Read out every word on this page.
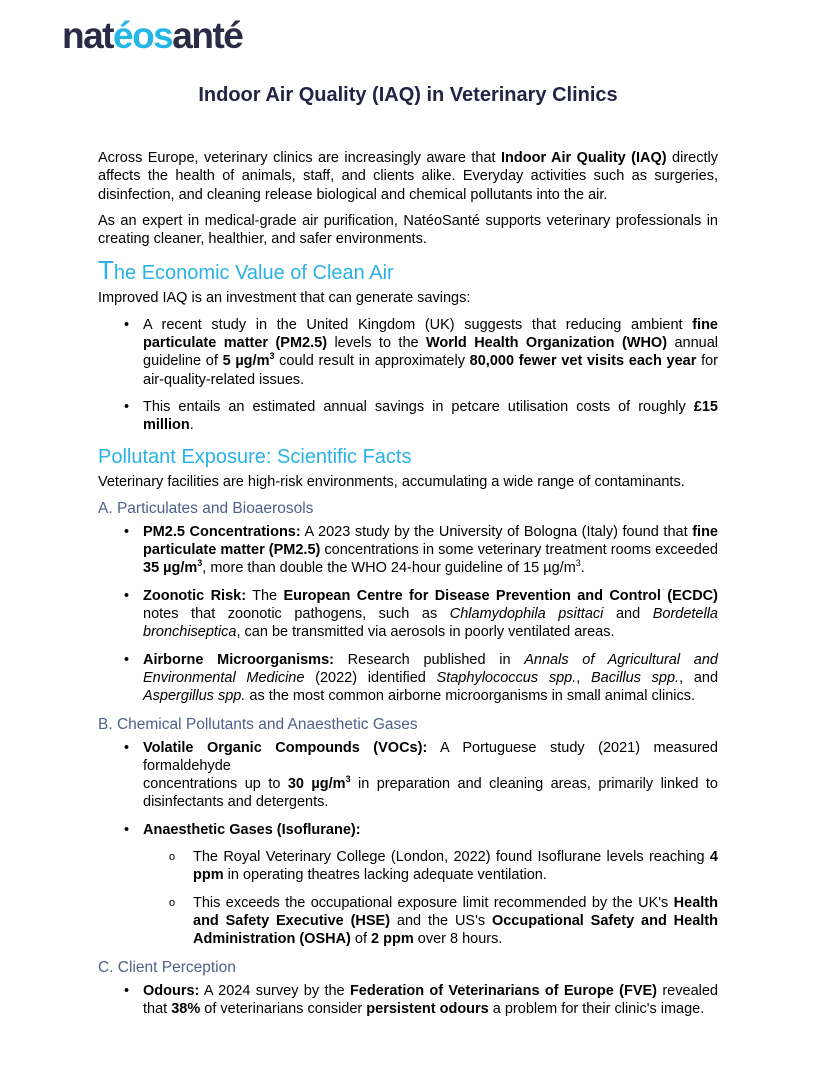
natéosanté
Indoor Air Quality (IAQ) in Veterinary Clinics
Across Europe, veterinary clinics are increasingly aware that Indoor Air Quality (IAQ) directly affects the health of animals, staff, and clients alike. Everyday activities such as surgeries, disinfection, and cleaning release biological and chemical pollutants into the air.
As an expert in medical-grade air purification, NatéoSanté supports veterinary professionals in creating cleaner, healthier, and safer environments.
The Economic Value of Clean Air
Improved IAQ is an investment that can generate savings:
• A recent study in the United Kingdom (UK) suggests that reducing ambient fine particulate matter (PM2.5) levels to the World Health Organization (WHO) annual guideline of 5 $\mu g/m^3$ could result in approximately 80,000 fewer vet visits each year for air-quality-related issues.
• This entails an estimated annual savings in petcare utilisation costs of roughly £15 million.
Pollutant Exposure: Scientific Facts
Veterinary facilities are high-risk environments, accumulating a wide range of contaminants.
A. Particulates and Bioaerosols
• PM2.5 Concentrations: A 2023 study by the University of Bologna (Italy) found that fine particulate matter (PM2.5) concentrations in some veterinary treatment rooms exceeded 35 $\mu g/m^3$, more than double the WHO 24-hour guideline of 15 $\mu g/m^3$.
• Zoonotic Risk: The European Centre for Disease Prevention and Control (ECDC) notes that zoonotic pathogens, such as Chlamydophila psittaci and Bordetella bronchiseptica, can be transmitted via aerosols in poorly ventilated areas.
• Airborne Microorganisms: Research published in Annals of Agricultural and Environmental Medicine (2022) identified Staphylococcus spp., Bacillus spp., and Aspergillus spp. as the most common airborne microorganisms in small animal clinics.
B. Chemical Pollutants and Anaesthetic Gases
• Volatile Organic Compounds (VOCs): A Portuguese study (2021) measured formaldehyde
concentrations up to 30 $\mu g/m^3$ in preparation and cleaning areas, primarily linked to disinfectants and detergents.
• Anaesthetic Gases (Isoflurane):
o The Royal Veterinary College (London, 2022) found Isoflurane levels reaching 4 ppm in operating theatres lacking adequate ventilation.
o This exceeds the occupational exposure limit recommended by the UK's Health and Safety Executive (HSE) and the US's Occupational Safety and Health Administration (OSHA) of 2 ppm over 8 hours.
C. Client Perception
• Odours: A 2024 survey by the Federation of Veterinarians of Europe (FVE) revealed that 38% of veterinarians consider persistent odours a problem for their clinic's image.
